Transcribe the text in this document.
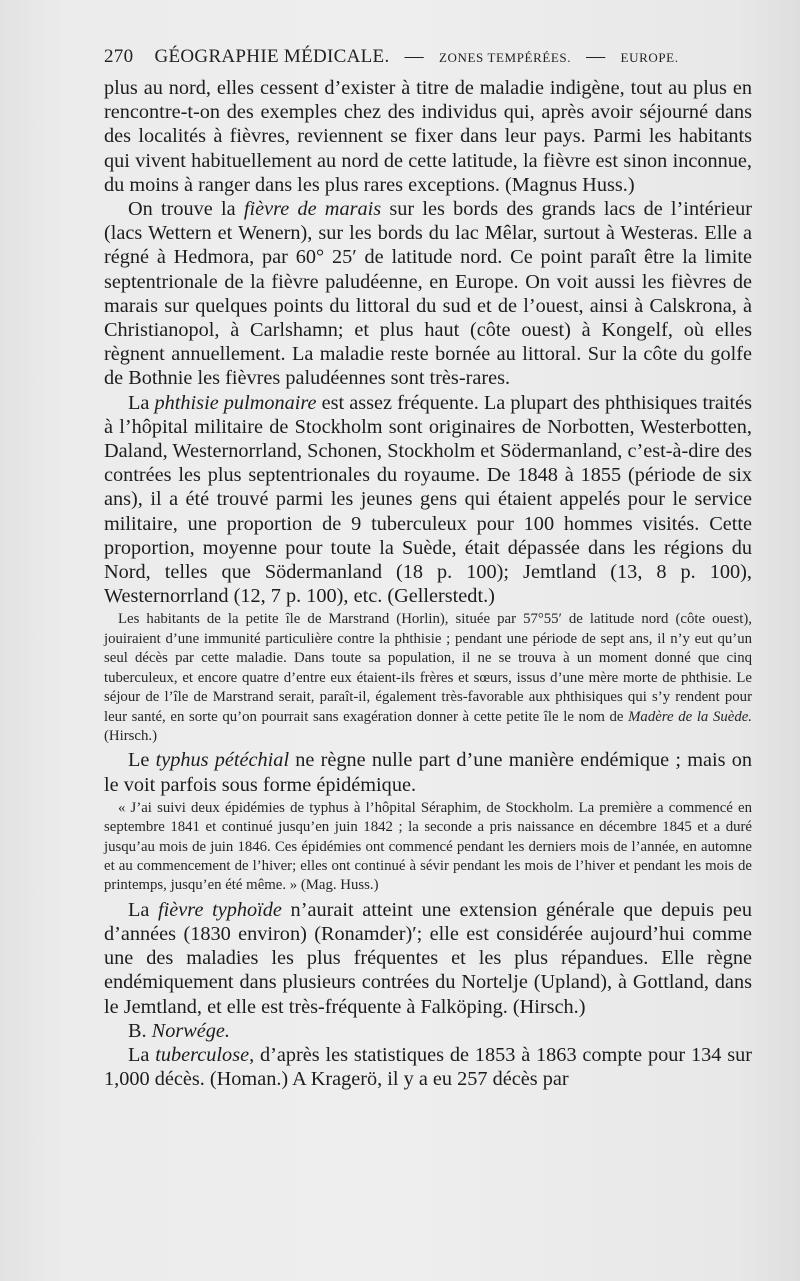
270 GÉOGRAPHIE MÉDICALE. — ZONES TEMPÉRÉES. — EUROPE.

plus au nord, elles cessent d’exister à titre de maladie indigène, tout au plus en rencontre-t-on des exemples chez des individus qui, après avoir séjourné dans des localités à fièvres, reviennent se fixer dans leur pays. Parmi les habitants qui vivent habituellement au nord de cette latitude, la fièvre est sinon inconnue, du moins à ranger dans les plus rares exceptions. (Magnus Huss.)

On trouve la fièvre de marais sur les bords des grands lacs de l’intérieur (lacs Wettern et Wenern), sur les bords du lac Mêlar, surtout à Westeras. Elle a régné à Hedmora, par 60° 25′ de latitude nord. Ce point paraît être la limite septentrionale de la fièvre paludéenne, en Europe. On voit aussi les fièvres de marais sur quelques points du littoral du sud et de l’ouest, ainsi à Calskrona, à Christianopol, à Carlshamn; et plus haut (côte ouest) à Kongelf, où elles règnent annuellement. La maladie reste bornée au littoral. Sur la côte du golfe de Bothnie les fièvres paludéennes sont très-rares.

La phthisie pulmonaire est assez fréquente. La plupart des phthisiques traités à l’hôpital militaire de Stockholm sont originaires de Norbotten, Westerbotten, Daland, Westernorrland, Schonen, Stockholm et Södermanland, c’est-à-dire des contrées les plus septentrionales du royaume. De 1848 à 1855 (période de six ans), il a été trouvé parmi les jeunes gens qui étaient appelés pour le service militaire, une proportion de 9 tuberculeux pour 100 hommes visités. Cette proportion, moyenne pour toute la Suède, était dépassée dans les régions du Nord, telles que Södermanland (18 p. 100); Jemtland (13, 8 p. 100), Westernorrland (12, 7 p. 100), etc. (Gellerstedt.)

Les habitants de la petite île de Marstrand (Horlin), située par 57°55′ de latitude nord (côte ouest), jouiraient d’une immunité particulière contre la phthisie ; pendant une période de sept ans, il n’y eut qu’un seul décès par cette maladie. Dans toute sa population, il ne se trouva à un moment donné que cinq tuberculeux, et encore quatre d’entre eux étaient-ils frères et sœurs, issus d’une mère morte de phthisie. Le séjour de l’île de Marstrand serait, paraît-il, également très-favorable aux phthisiques qui s’y rendent pour leur santé, en sorte qu’on pourrait sans exagération donner à cette petite île le nom de Madère de la Suède. (Hirsch.)

Le typhus pétéchial ne règne nulle part d’une manière endémique ; mais on le voit parfois sous forme épidémique.

« J’ai suivi deux épidémies de typhus à l’hôpital Séraphim, de Stockholm. La première a commencé en septembre 1841 et continué jusqu’en juin 1842 ; la seconde a pris naissance en décembre 1845 et a duré jusqu’au mois de juin 1846. Ces épidémies ont commencé pendant les derniers mois de l’année, en automne et au commencement de l’hiver; elles ont continué à sévir pendant les mois de l’hiver et pendant les mois de printemps, jusqu’en été même. » (Mag. Huss.)

La fièvre typhoïde n’aurait atteint une extension générale que depuis peu d’années (1830 environ) (Ronamder)′; elle est considérée aujourd’hui comme une des maladies les plus fréquentes et les plus répandues. Elle règne endémiquement dans plusieurs contrées du Nortelje (Upland), à Gottland, dans le Jemtland, et elle est très-fréquente à Falköping. (Hirsch.)

B. Norwége.

La tuberculose, d’après les statistiques de 1853 à 1863 compte pour 134 sur 1,000 décès. (Homan.) A Kragerö, il y a eu 257 décès par
